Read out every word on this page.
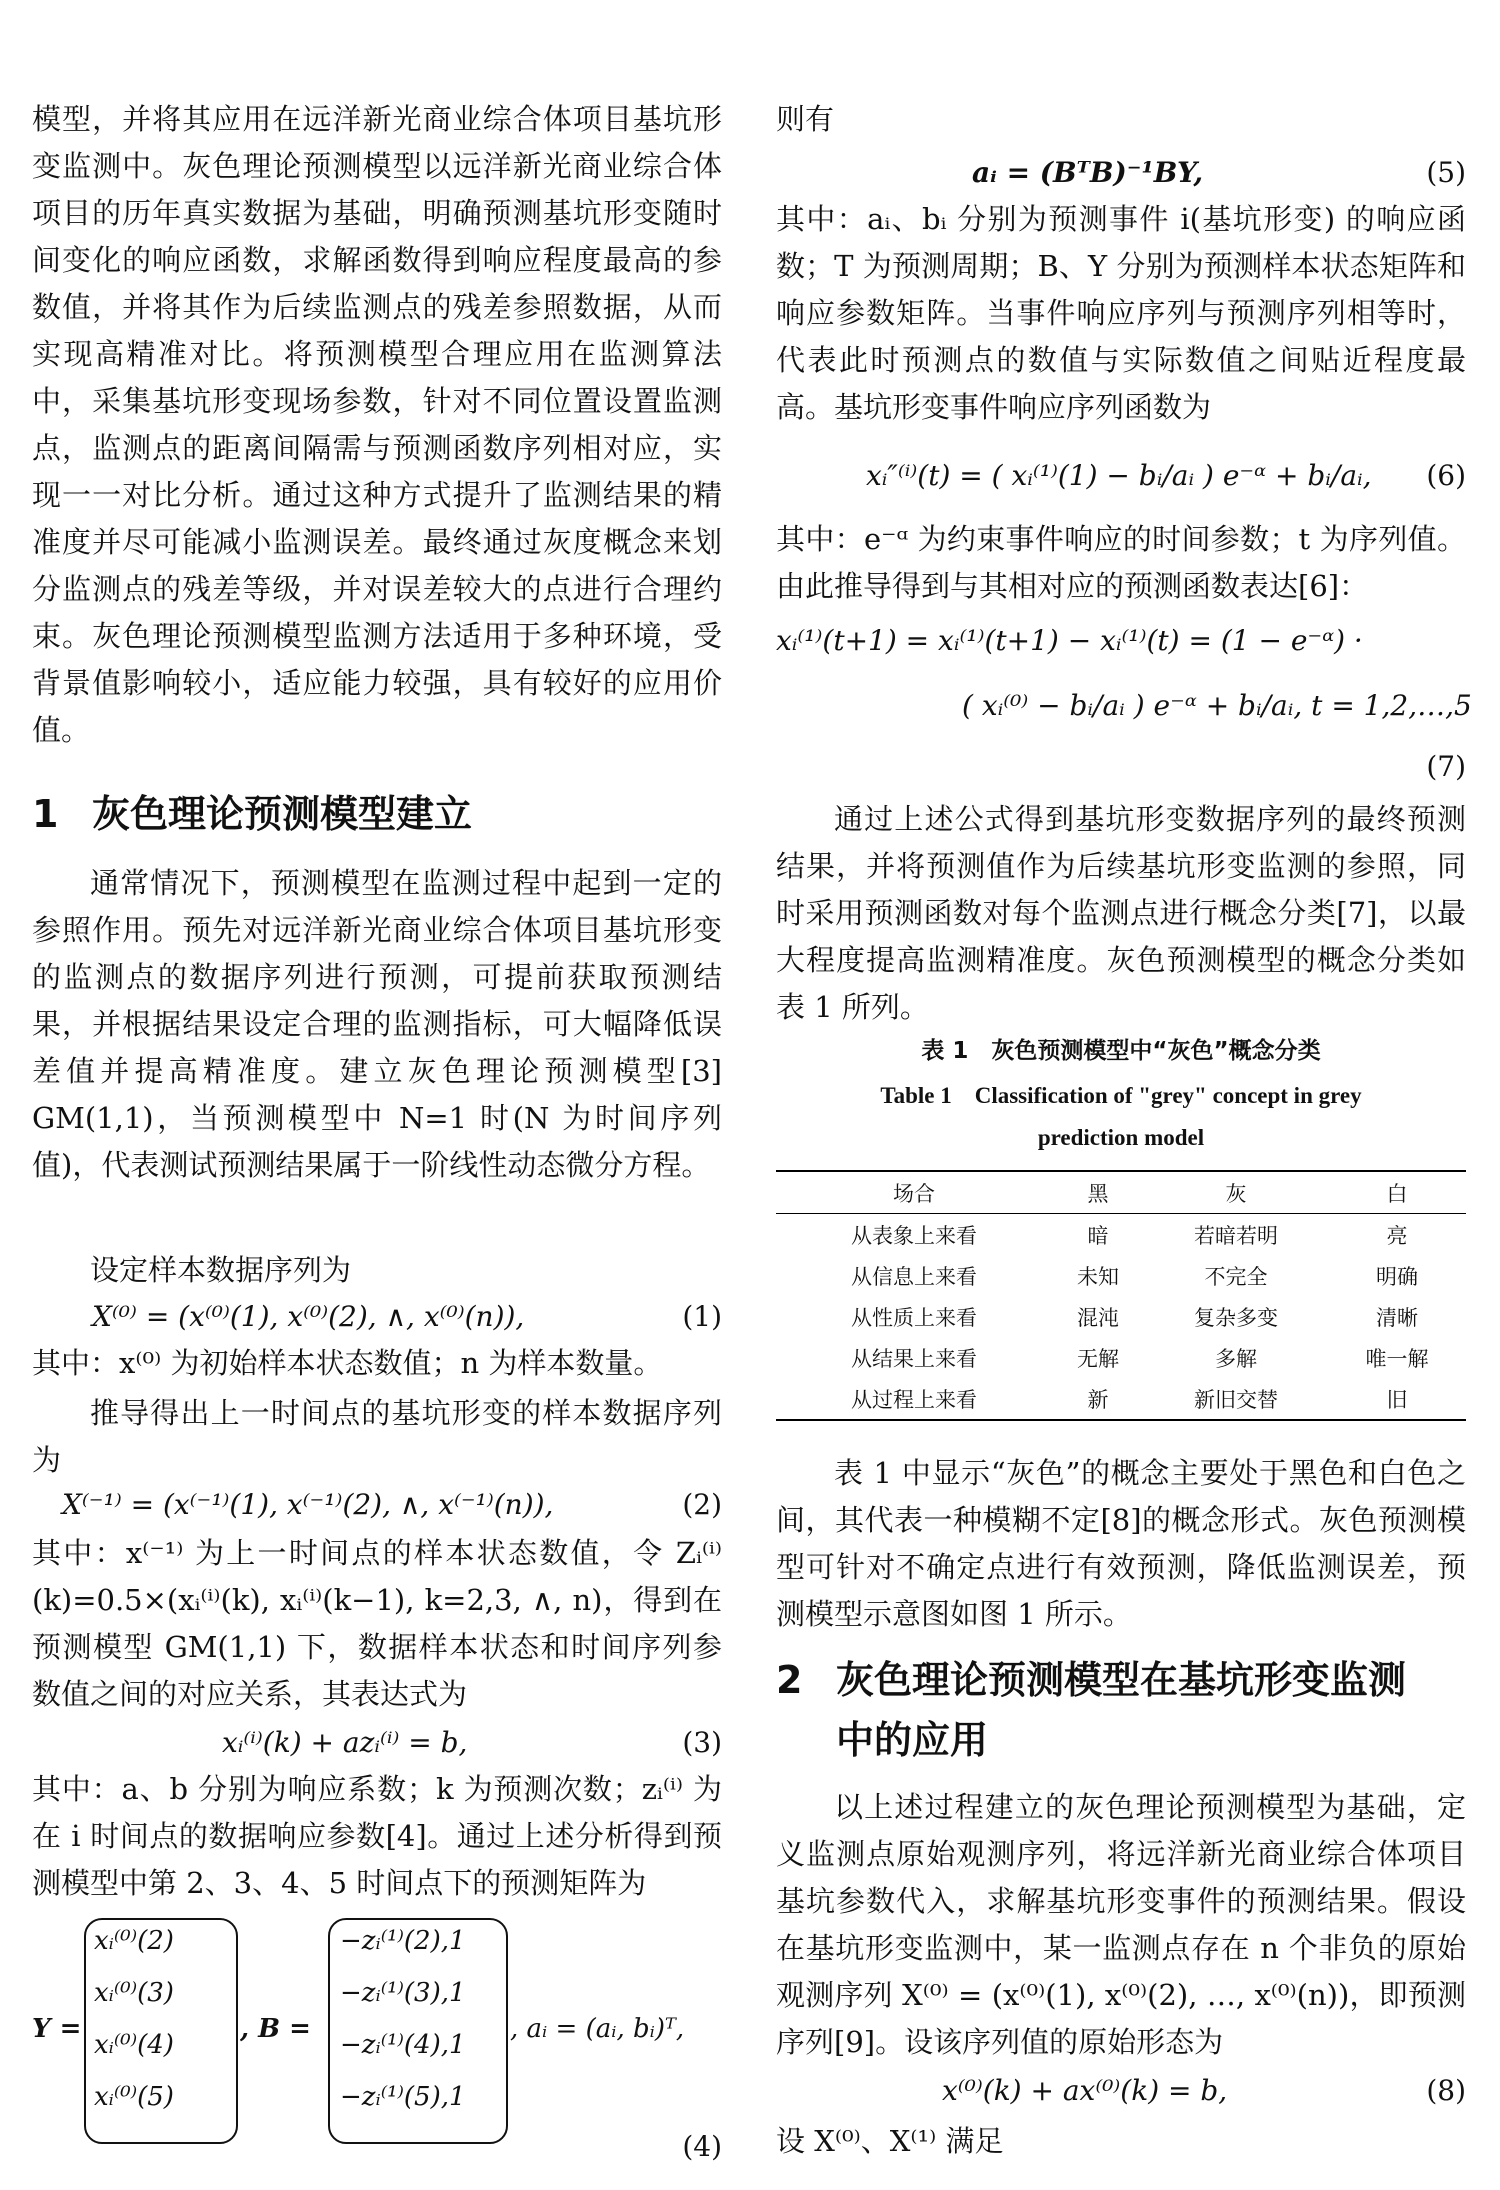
模型，并将其应用在远洋新光商业综合体项目基坑形变监测中。灰色理论预测模型以远洋新光商业综合体项目的历年真实数据为基础，明确预测基坑形变随时间变化的响应函数，求解函数得到响应程度最高的参数值，并将其作为后续监测点的残差参照数据，从而实现高精准对比。将预测模型合理应用在监测算法中，采集基坑形变现场参数，针对不同位置设置监测点，监测点的距离间隔需与预测函数序列相对应，实现一一对比分析。通过这种方式提升了监测结果的精准度并尽可能减小监测误差。最终通过灰度概念来划分监测点的残差等级，并对误差较大的点进行合理约束。灰色理论预测模型监测方法适用于多种环境，受背景值影响较小，适应能力较强，具有较好的应用价值。
1 灰色理论预测模型建立
通常情况下，预测模型在监测过程中起到一定的参照作用。预先对远洋新光商业综合体项目基坑形变的监测点的数据序列进行预测，可提前获取预测结果，并根据结果设定合理的监测指标，可大幅降低误差值并提高精准度。建立灰色理论预测模型[3] GM(1,1)，当预测模型中 N=1 时(N 为时间序列值)，代表测试预测结果属于一阶线性动态微分方程。
设定样本数据序列为
X⁽⁰⁾ = (x⁽⁰⁾(1), x⁽⁰⁾(2), ∧, x⁽⁰⁾(n)),	(1)
其中：x⁽⁰⁾ 为初始样本状态数值；n 为样本数量。
推导得出上一时间点的基坑形变的样本数据序列为
X⁽⁻¹⁾ = (x⁽⁻¹⁾(1), x⁽⁻¹⁾(2), ∧, x⁽⁻¹⁾(n)),	(2)
其中：x⁽⁻¹⁾ 为上一时间点的样本状态数值，令 Zᵢ⁽ⁱ⁾(k)=0.5×(xᵢ⁽ⁱ⁾(k), xᵢ⁽ⁱ⁾(k−1), k=2,3, ∧, n)，得到在预测模型 GM(1,1) 下，数据样本状态和时间序列参数值之间的对应关系，其表达式为
xᵢ⁽ⁱ⁾(k) + azᵢ⁽ⁱ⁾ = b,	(3)
其中：a、b 分别为响应系数；k 为预测次数；zᵢ⁽ⁱ⁾ 为在 i 时间点的数据响应参数[4]。通过上述分析得到预测模型中第 2、3、4、5 时间点下的预测矩阵为
Y =
xᵢ⁽⁰⁾(2)
xᵢ⁽⁰⁾(3)
xᵢ⁽⁰⁾(4)
xᵢ⁽⁰⁾(5)
, B =
−zᵢ⁽¹⁾(2),1
−zᵢ⁽¹⁾(3),1
−zᵢ⁽¹⁾(4),1
−zᵢ⁽¹⁾(5),1
, aᵢ = (aᵢ, bᵢ)ᵀ,
(4)
则有
aᵢ = (BᵀB)⁻¹BY,	(5)
其中：aᵢ、bᵢ 分别为预测事件 i(基坑形变) 的响应函数；T 为预测周期；B、Y 分别为预测样本状态矩阵和响应参数矩阵。当事件响应序列与预测序列相等时，代表此时预测点的数值与实际数值之间贴近程度最高。基坑形变事件响应序列函数为
xᵢ″⁽ⁱ⁾(t) = ( xᵢ⁽¹⁾(1) − bᵢ/aᵢ ) e⁻ᵅ + bᵢ/aᵢ, (6)
其中：e⁻ᵅ 为约束事件响应的时间参数；t 为序列值。由此推导得到与其相对应的预测函数表达[6]：
xᵢ⁽¹⁾(t+1) = xᵢ⁽¹⁾(t+1) − xᵢ⁽¹⁾(t) = (1 − e⁻ᵅ) ·
( xᵢ⁽⁰⁾ − bᵢ/aᵢ ) e⁻ᵅ + bᵢ/aᵢ, t = 1,2,…,5
(7)
通过上述公式得到基坑形变数据序列的最终预测结果，并将预测值作为后续基坑形变监测的参照，同时采用预测函数对每个监测点进行概念分类[7]，以最大程度提高监测精准度。灰色预测模型的概念分类如表 1 所列。
表 1　灰色预测模型中“灰色”概念分类
Table 1　Classification of "grey" concept in grey
prediction model
场合	黑	灰	白
从表象上来看	暗	若暗若明	亮
从信息上来看	未知	不完全	明确
从性质上来看	混沌	复杂多变	清晰
从结果上来看	无解	多解	唯一解
从过程上来看	新	新旧交替	旧
表 1 中显示“灰色”的概念主要处于黑色和白色之间，其代表一种模糊不定[8]的概念形式。灰色预测模型可针对不确定点进行有效预测，降低监测误差，预测模型示意图如图 1 所示。
2 灰色理论预测模型在基坑形变监测
中的应用
以上述过程建立的灰色理论预测模型为基础，定义监测点原始观测序列，将远洋新光商业综合体项目基坑参数代入，求解基坑形变事件的预测结果。假设在基坑形变监测中，某一监测点存在 n 个非负的原始观测序列 X⁽⁰⁾ = (x⁽⁰⁾(1), x⁽⁰⁾(2), …, x⁽⁰⁾(n))，即预测序列[9]。设该序列值的原始形态为
x⁽⁰⁾(k) + ax⁽⁰⁾(k) = b,	(8)
设 X⁽⁰⁾、X⁽¹⁾ 满足
